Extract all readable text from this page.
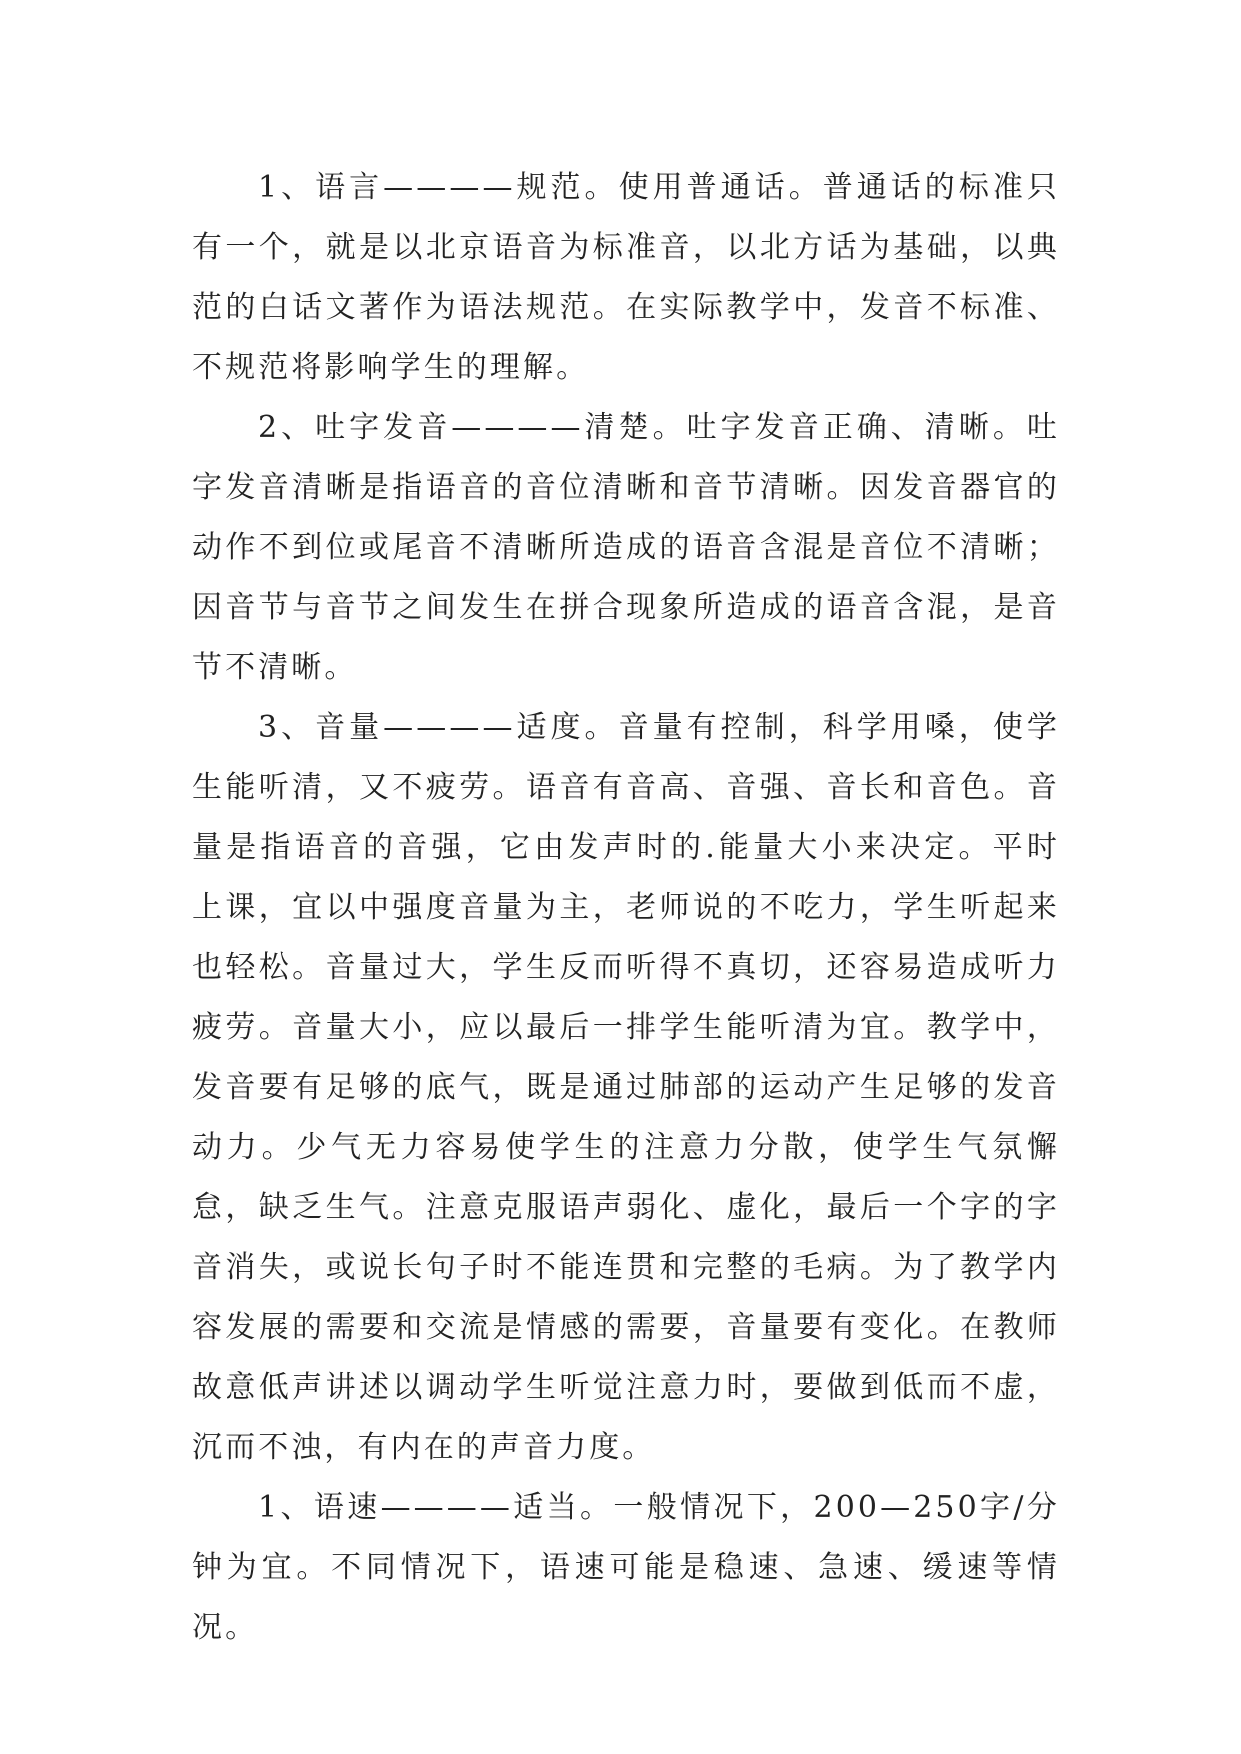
1、语言————规范。使用普通话。普通话的标准只有一个，就是以北京语音为标准音，以北方话为基础，以典范的白话文著作为语法规范。在实际教学中，发音不标准、不规范将影响学生的理解。

2、吐字发音————清楚。吐字发音正确、清晰。吐字发音清晰是指语音的音位清晰和音节清晰。因发音器官的动作不到位或尾音不清晰所造成的语音含混是音位不清晰；因音节与音节之间发生在拼合现象所造成的语音含混，是音节不清晰。

3、音量————适度。音量有控制，科学用嗓，使学生能听清，又不疲劳。语音有音高、音强、音长和音色。音量是指语音的音强，它由发声时的.能量大小来决定。平时上课，宜以中强度音量为主，老师说的不吃力，学生听起来也轻松。音量过大，学生反而听得不真切，还容易造成听力疲劳。音量大小，应以最后一排学生能听清为宜。教学中，发音要有足够的底气，既是通过肺部的运动产生足够的发音动力。少气无力容易使学生的注意力分散，使学生气氛懈怠，缺乏生气。注意克服语声弱化、虚化，最后一个字的字音消失，或说长句子时不能连贯和完整的毛病。为了教学内容发展的需要和交流是情感的需要，音量要有变化。在教师故意低声讲述以调动学生听觉注意力时，要做到低而不虚，沉而不浊，有内在的声音力度。

1、语速————适当。一般情况下，200—250字/分钟为宜。不同情况下，语速可能是稳速、急速、缓速等情况。
